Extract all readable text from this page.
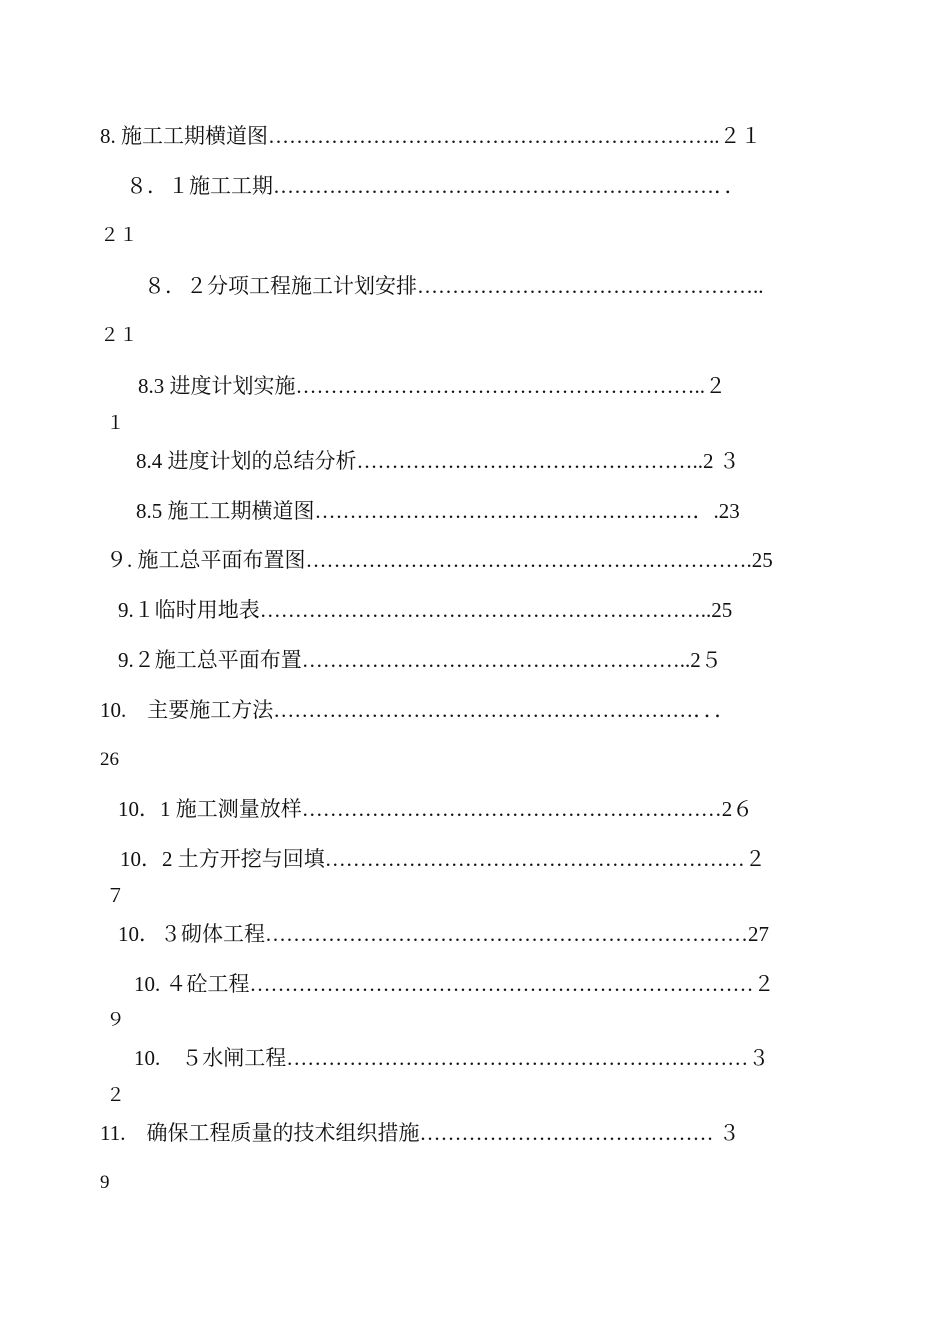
8. 施工工期横道图………………………………………………………..２１
８．１施工工期………………………………………………………．．
２１
８．２分项工程施工计划安排…………………………………………..
２１
8.3 进度计划实施…………………………………………………..２
１
8.4 进度计划的总结分析…………………………………………..2 ３
8.5 施工工期横道图………………………………………………．.23
９. 施工总平面布置图……………………………………………………….25
9.１临时用地表………………………………………………………..25
9.２施工总平面布置………………………………………………..2５
10.　主要施工方法……………………………………………………．．．
26
10．1 施工测量放样……………………………………………………2６
10．2 土方开挖与回填……………………………………………………２
７
10．３砌体工程……………………………………………………………27
10. ４砼工程………………………………………………………………２
９
10.　５水闸工程…………………………………………………………３
２
11.　确保工程质量的技术组织措施…………………………………… ３
9
